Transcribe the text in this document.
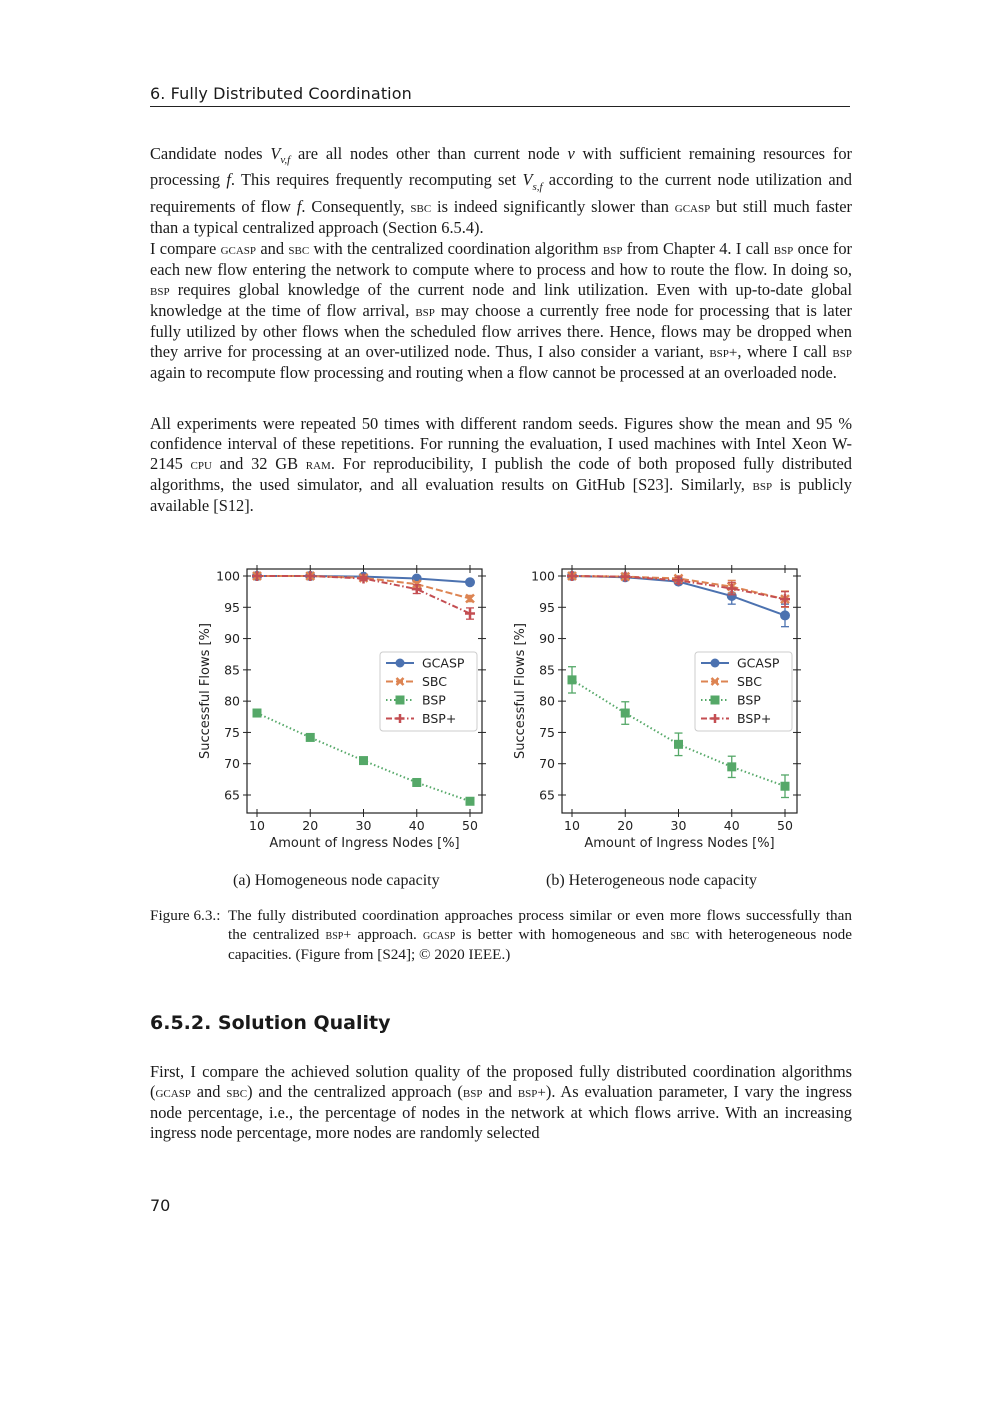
6. Fully Distributed Coordination
Candidate nodes $V_{v,f}$ are all nodes other than current node v with sufficient remaining resources for processing f. This requires frequently recomputing set $V_{s,f}$ according to the current node utilization and requirements of flow f. Consequently, sbc is indeed significantly slower than gcasp but still much faster than a typical centralized approach (Section 6.5.4).
I compare gcasp and sbc with the centralized coordination algorithm bsp from Chapter 4. I call bsp once for each new flow entering the network to compute where to process and how to route the flow. In doing so, bsp requires global knowledge of the current node and link utilization. Even with up-to-date global knowledge at the time of flow arrival, bsp may choose a currently free node for processing that is later fully utilized by other flows when the scheduled flow arrives there. Hence, flows may be dropped when they arrive for processing at an over-utilized node. Thus, I also consider a variant, bsp+, where I call bsp again to recompute flow processing and routing when a flow cannot be processed at an overloaded node.
All experiments were repeated 50 times with different random seeds. Figures show the mean and 95 % confidence interval of these repetitions. For running the evaluation, I used machines with Intel Xeon W-2145 cpu and 32 GB ram. For reproducibility, I publish the code of both proposed fully distributed algorithms, the used simulator, and all evaluation results on GitHub [S23]. Similarly, bsp is publicly available [S12].
65
70
75
80
85
90
95
100
10	20	30	40	50
Amount of Ingress Nodes [%]
Successful Flows [%]	GCASP
SBC
BSP
BSP+
65
70
75
80
85
90
95
100
10	20	30	40	50
Amount of Ingress Nodes [%]
Successful Flows [%]	GCASP
SBC
BSP
BSP+
(a) Homogeneous node capacity	(b) Heterogeneous node capacity
Figure 6.3.: The fully distributed coordination approaches process similar or even more flows successfully than the centralized bsp+ approach. gcasp is better with homogeneous and sbc with heterogeneous node capacities. (Figure from [S24]; © 2020 IEEE.)
6.5.2. Solution Quality
First, I compare the achieved solution quality of the proposed fully distributed coordination algorithms (gcasp and sbc) and the centralized approach (bsp and bsp+). As evaluation parameter, I vary the ingress node percentage, i.e., the percentage of nodes in the network at which flows arrive. With an increasing ingress node percentage, more nodes are randomly selected
70
